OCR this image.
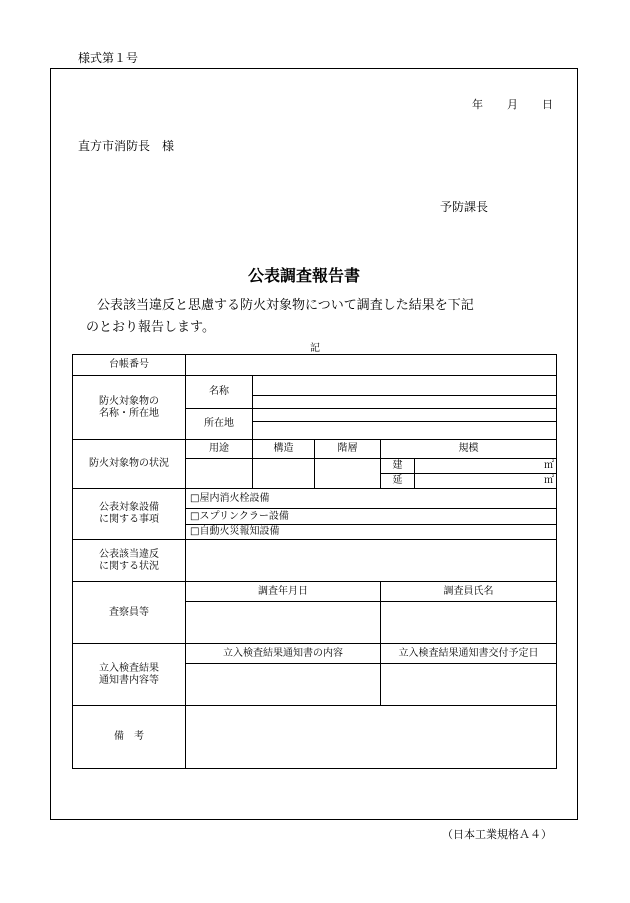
様式第１号
年 月 日
直方市消防長　様
予防課長
公表調査報告書
公表該当違反と思慮する防火対象物について調査した結果を下記
のとおり報告します。
記
台帳番号					

防火対象物の
名称・所在地	名称				

	所在地				

防火対象物の状況	用途	構造	階層	規模	
				建	㎡
				延	㎡

公表対象設備
に関する事項	□屋内消火栓設備				
	□スプリンクラー設備				
	□自動火災報知設備				

公表該当違反
に関する状況					

査察員等	調査年月日			調査員氏名	

立入検査結果
通知書内容等	立入検査結果通知書の内容			立入検査結果通知書交付予定日	

備　考					
（日本工業規格Ａ４）
